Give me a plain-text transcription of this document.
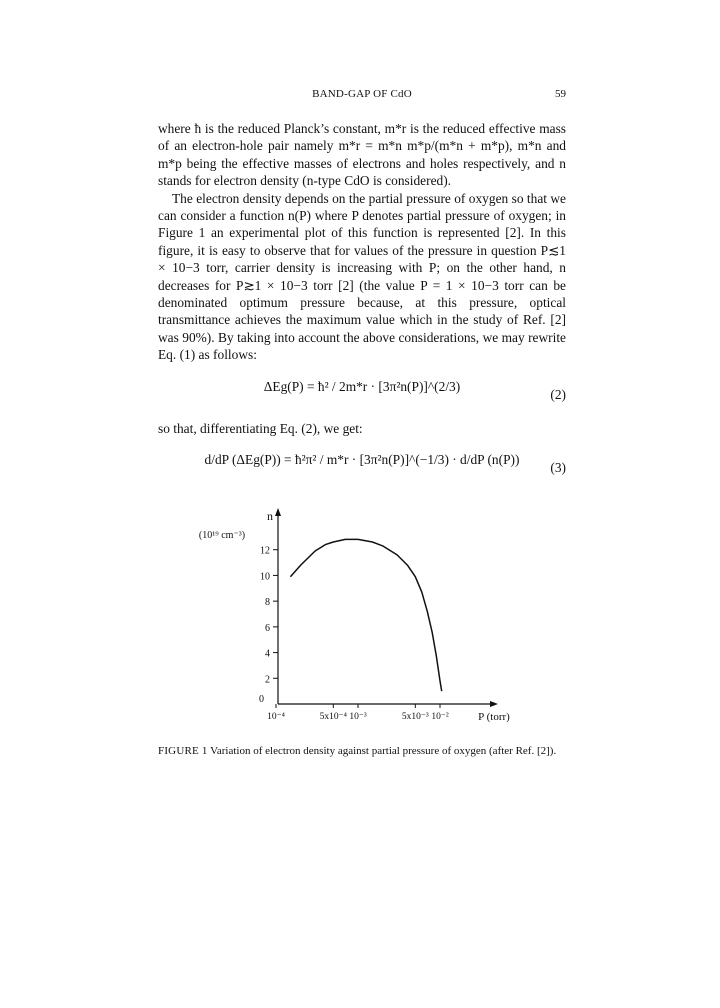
BAND-GAP OF CdO	59

where ħ is the reduced Planck’s constant, m*r is the reduced effective mass of an electron-hole pair namely m*r = m*n m*p/(m*n + m*p), m*n and m*p being the effective masses of electrons and holes respectively, and n stands for electron density (n-type CdO is considered).

The electron density depends on the partial pressure of oxygen so that we can consider a function n(P) where P denotes partial pressure of oxygen; in Figure 1 an experimental plot of this function is represented [2]. In this figure, it is easy to observe that for values of the pressure in question P≲1 × 10−3 torr, carrier density is increasing with P; on the other hand, n decreases for P≳1 × 10−3 torr [2] (the value P = 1 × 10−3 torr can be denominated optimum pressure because, at this pressure, optical transmittance achieves the maximum value which in the study of Ref. [2] was 90%). By taking into account the above considerations, we may rewrite Eq. (1) as follows:

ΔEg(P) = ħ² / 2m*r · [3π²n(P)]^(2/3)
(2)

so that, differentiating Eq. (2), we get:

d/dP (ΔEg(P)) = ħ²π² / m*r · [3π²n(P)]^(−1/3) · d/dP (n(P))
(3)
n
(10¹⁹ cm⁻³)
0
2
4
6
8
10
12
10⁻⁴	5x10⁻⁴ 10⁻³	5x10⁻³ 10⁻²	P (torr)
FIGURE 1 Variation of electron density against partial pressure of oxygen (after Ref. [2]).
